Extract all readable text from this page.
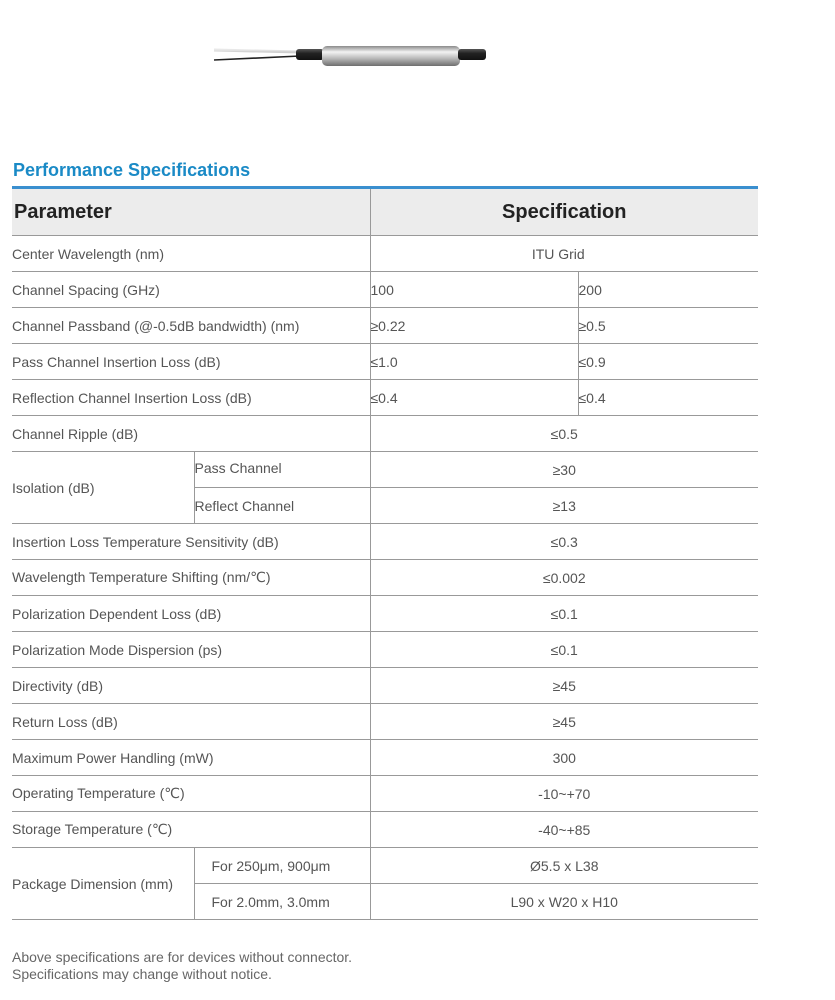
Performance Specifications
Parameter		Specification	
Center Wavelength (nm)		ITU Grid	
Channel Spacing (GHz)		100	200
Channel Passband (@-0.5dB bandwidth) (nm)		≥0.22	≥0.5
Pass Channel Insertion Loss (dB)		≤1.0	≤0.9
Reflection Channel Insertion Loss (dB)		≤0.4	≤0.4
Channel Ripple (dB)		≤0.5	
Isolation (dB)	Pass Channel	≥30	
	Reflect Channel	≥13	
Insertion Loss Temperature Sensitivity (dB)		≤0.3	
Wavelength Temperature Shifting (nm/℃)		≤0.002	
Polarization Dependent Loss (dB)		≤0.1	
Polarization Mode Dispersion (ps)		≤0.1	
Directivity (dB)		≥45	
Return Loss (dB)		≥45	
Maximum Power Handling (mW)		300	
Operating Temperature (℃)		-10~+70	
Storage Temperature (℃)		-40~+85	
Package Dimension (mm)	For 250μm, 900μm	Ø5.5 x L38	
	For 2.0mm, 3.0mm	L90 x W20 x H10	
Above specifications are for devices without connector.
Specifications may change without notice.
